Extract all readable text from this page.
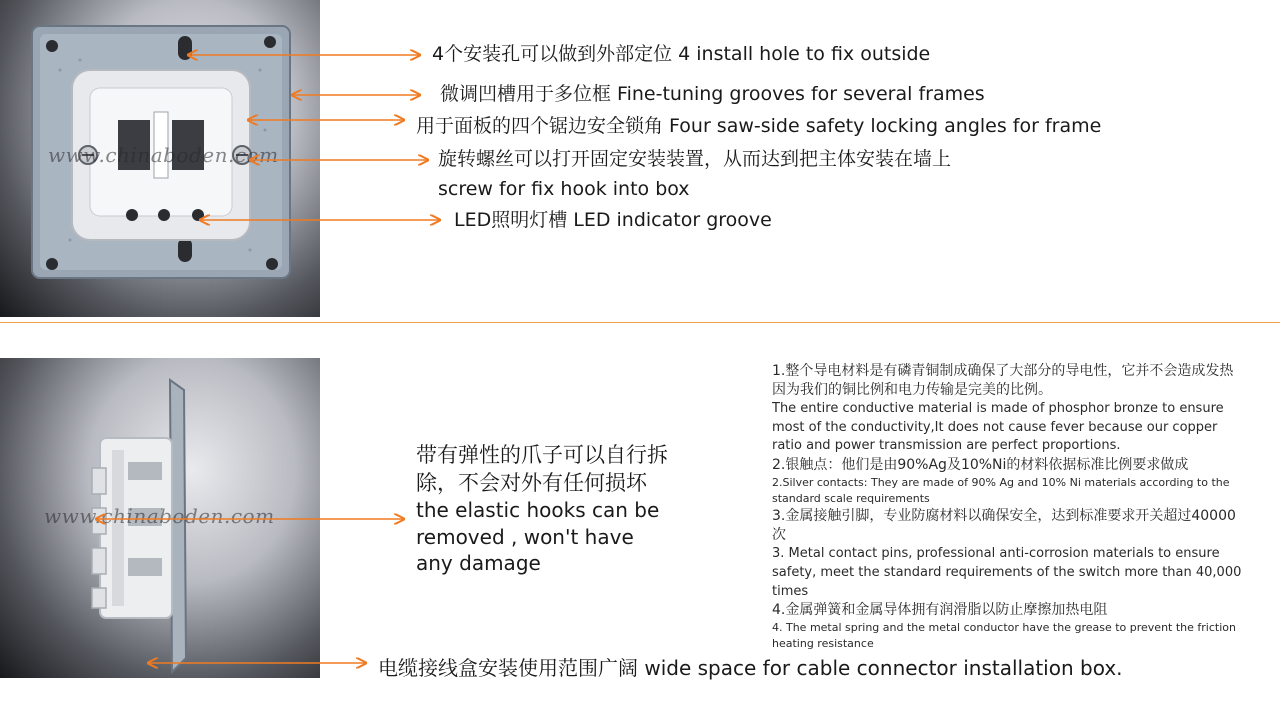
www.chinaboden.com
www.chinaboden.com
4个安装孔可以做到外部定位 4 install hole to fix outside
微调凹槽用于多位框 Fine-tuning grooves for several frames
用于面板的四个锯边安全锁角 Four saw-side safety locking angles for frame
旋转螺丝可以打开固定安装装置，从而达到把主体安装在墙上
screw for fix hook into box
LED照明灯槽 LED indicator groove
带有弹性的爪子可以自行拆除，不会对外有任何损坏
the elastic hooks can be removed , won't have any damage
1.整个导电材料是有磷青铜制成确保了大部分的导电性，它并不会造成发热因为我们的铜比例和电力传输是完美的比例。
The entire conductive material is made of phosphor bronze to ensure most of the conductivity,It does not cause fever because our copper ratio and power transmission are perfect proportions.
2.银触点：他们是由90%Ag及10%Ni的材料依据标准比例要求做成
2.Silver contacts: They are made of 90% Ag and 10% Ni materials according to the standard scale requirements
3.金属接触引脚，专业防腐材料以确保安全，达到标准要求开关超过40000次
3. Metal contact pins, professional anti-corrosion materials to ensure safety, meet the standard requirements of the switch more than 40,000 times
4.金属弹簧和金属导体拥有润滑脂以防止摩擦加热电阻
4. The metal spring and the metal conductor have the grease to prevent the friction heating resistance
电缆接线盒安装使用范围广阔 wide space for cable connector installation box.
